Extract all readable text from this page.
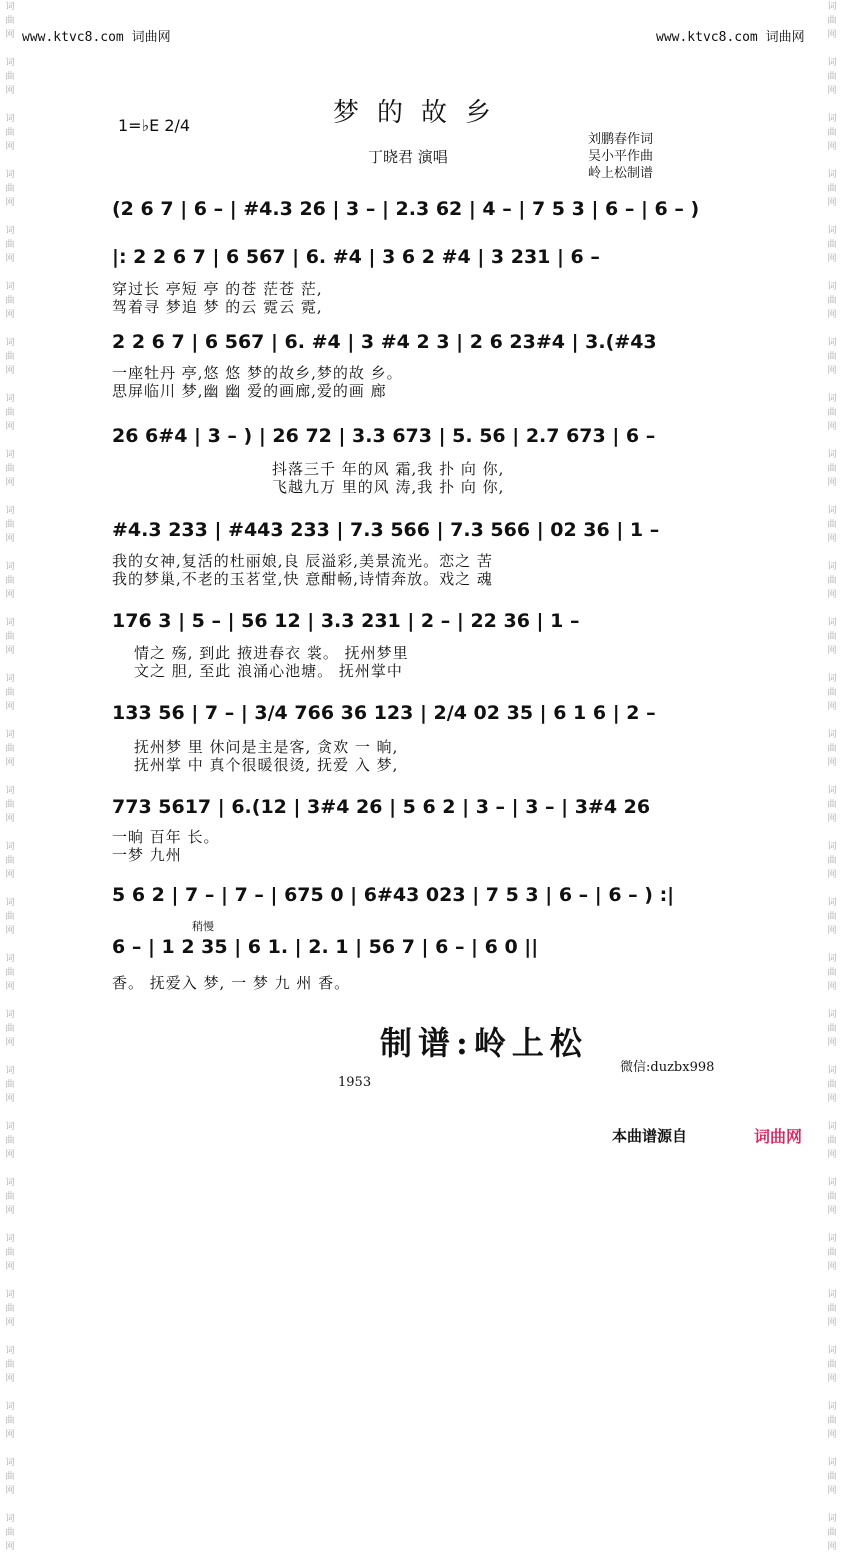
词
曲
网

词
曲
网

词
曲
网

词
曲
网

词
曲
网

词
曲
网

词
曲
网

词
曲
网

词
曲
网

词
曲
网

词
曲
网

词
曲
网

词
曲
网

词
曲
网

词
曲
网

词
曲
网

词
曲
网

词
曲
网

词
曲
网

词
曲
网

词
曲
网

词
曲
网

词
曲
网

词
曲
网

词
曲
网

词
曲
网

词
曲
网

词
曲
网

词
曲
网

词
曲
网

词
曲
网

词
曲
网

词
曲
网

词
曲
网

词
曲
网

词
曲
网

词
曲
网

词
曲
网

词
曲
网

词
曲
网

词
曲
网

词
曲
网

词
曲
网

词
曲
网

词
曲
网

词
曲
网

词
曲
网

词
曲
网

词
曲
网

词
曲
网

词
曲
网

词
曲
网

词
曲
网

词
曲
网

词
曲
网

词
曲
网

www.ktvc8.com 词曲网	www.ktvc8.com 词曲网
梦的故乡
1=♭E 2/4
丁晓君 演唱
刘鹏春作词
吴小平作曲
岭上松制谱
(2 6 7 | 6 – | #4.3 26 | 3 – | 2.3 62 | 4 – | 7 5 3 | 6 – | 6 – )
|: 2 2 6 7 | 6 567 | 6. #4 | 3 6 2 #4 | 3 231 | 6 –
穿过长 亭短 亭 的苍 茫苍 茫,
驾着寻 梦追 梦 的云 霓云 霓,
2 2 6 7 | 6 567 | 6. #4 | 3 #4 2 3 | 2 6 23#4 | 3.(#43
一座牡丹 亭,悠 悠 梦的故乡,梦的故 乡。
思屏临川 梦,幽 幽 爱的画廊,爱的画 廊
26 6#4 | 3 – ) | 26 72 | 3.3 673 | 5. 56 | 2.7 673 | 6 –
抖落三千 年的风 霜,我 扑 向 你,
飞越九万 里的风 涛,我 扑 向 你,
#4.3 233 | #443 233 | 7.3 566 | 7.3 566 | 02 36 | 1 –
我的女神,复活的杜丽娘,良 辰溢彩,美景流光。恋之 苦
我的梦巢,不老的玉茗堂,快 意酣畅,诗情奔放。戏之 魂
176 3 | 5 – | 56 12 | 3.3 231 | 2 – | 22 36 | 1 –
情之 殇, 到此 掖进春衣 裳。 抚州梦里
文之 胆, 至此 浪涌心池塘。 抚州掌中
133 56 | 7 – | 3/4 766 36 123 | 2/4 02 35 | 6 1 6 | 2 –
抚州梦 里 休问是主是客, 贪欢 一 晌,
抚州掌 中 真个很暖很烫, 抚爱 入 梦,
773 5617 | 6.(12 | 3#4 26 | 5 6 2 | 3 – | 3 – | 3#4 26
一晌 百年 长。
一梦 九州
5 6 2 | 7 – | 7 – | 675 0 | 6#43 023 | 7 5 3 | 6 – | 6 – ) :|
稍慢
6 – | 1 2 35 | 6 1. | 2. 1 | 56 7 | 6 – | 6 0 ||
香。 抚爱入 梦, 一 梦 九 州 香。
制谱:岭上松
微信:duzbx998
1953
本曲谱源自	词曲网
